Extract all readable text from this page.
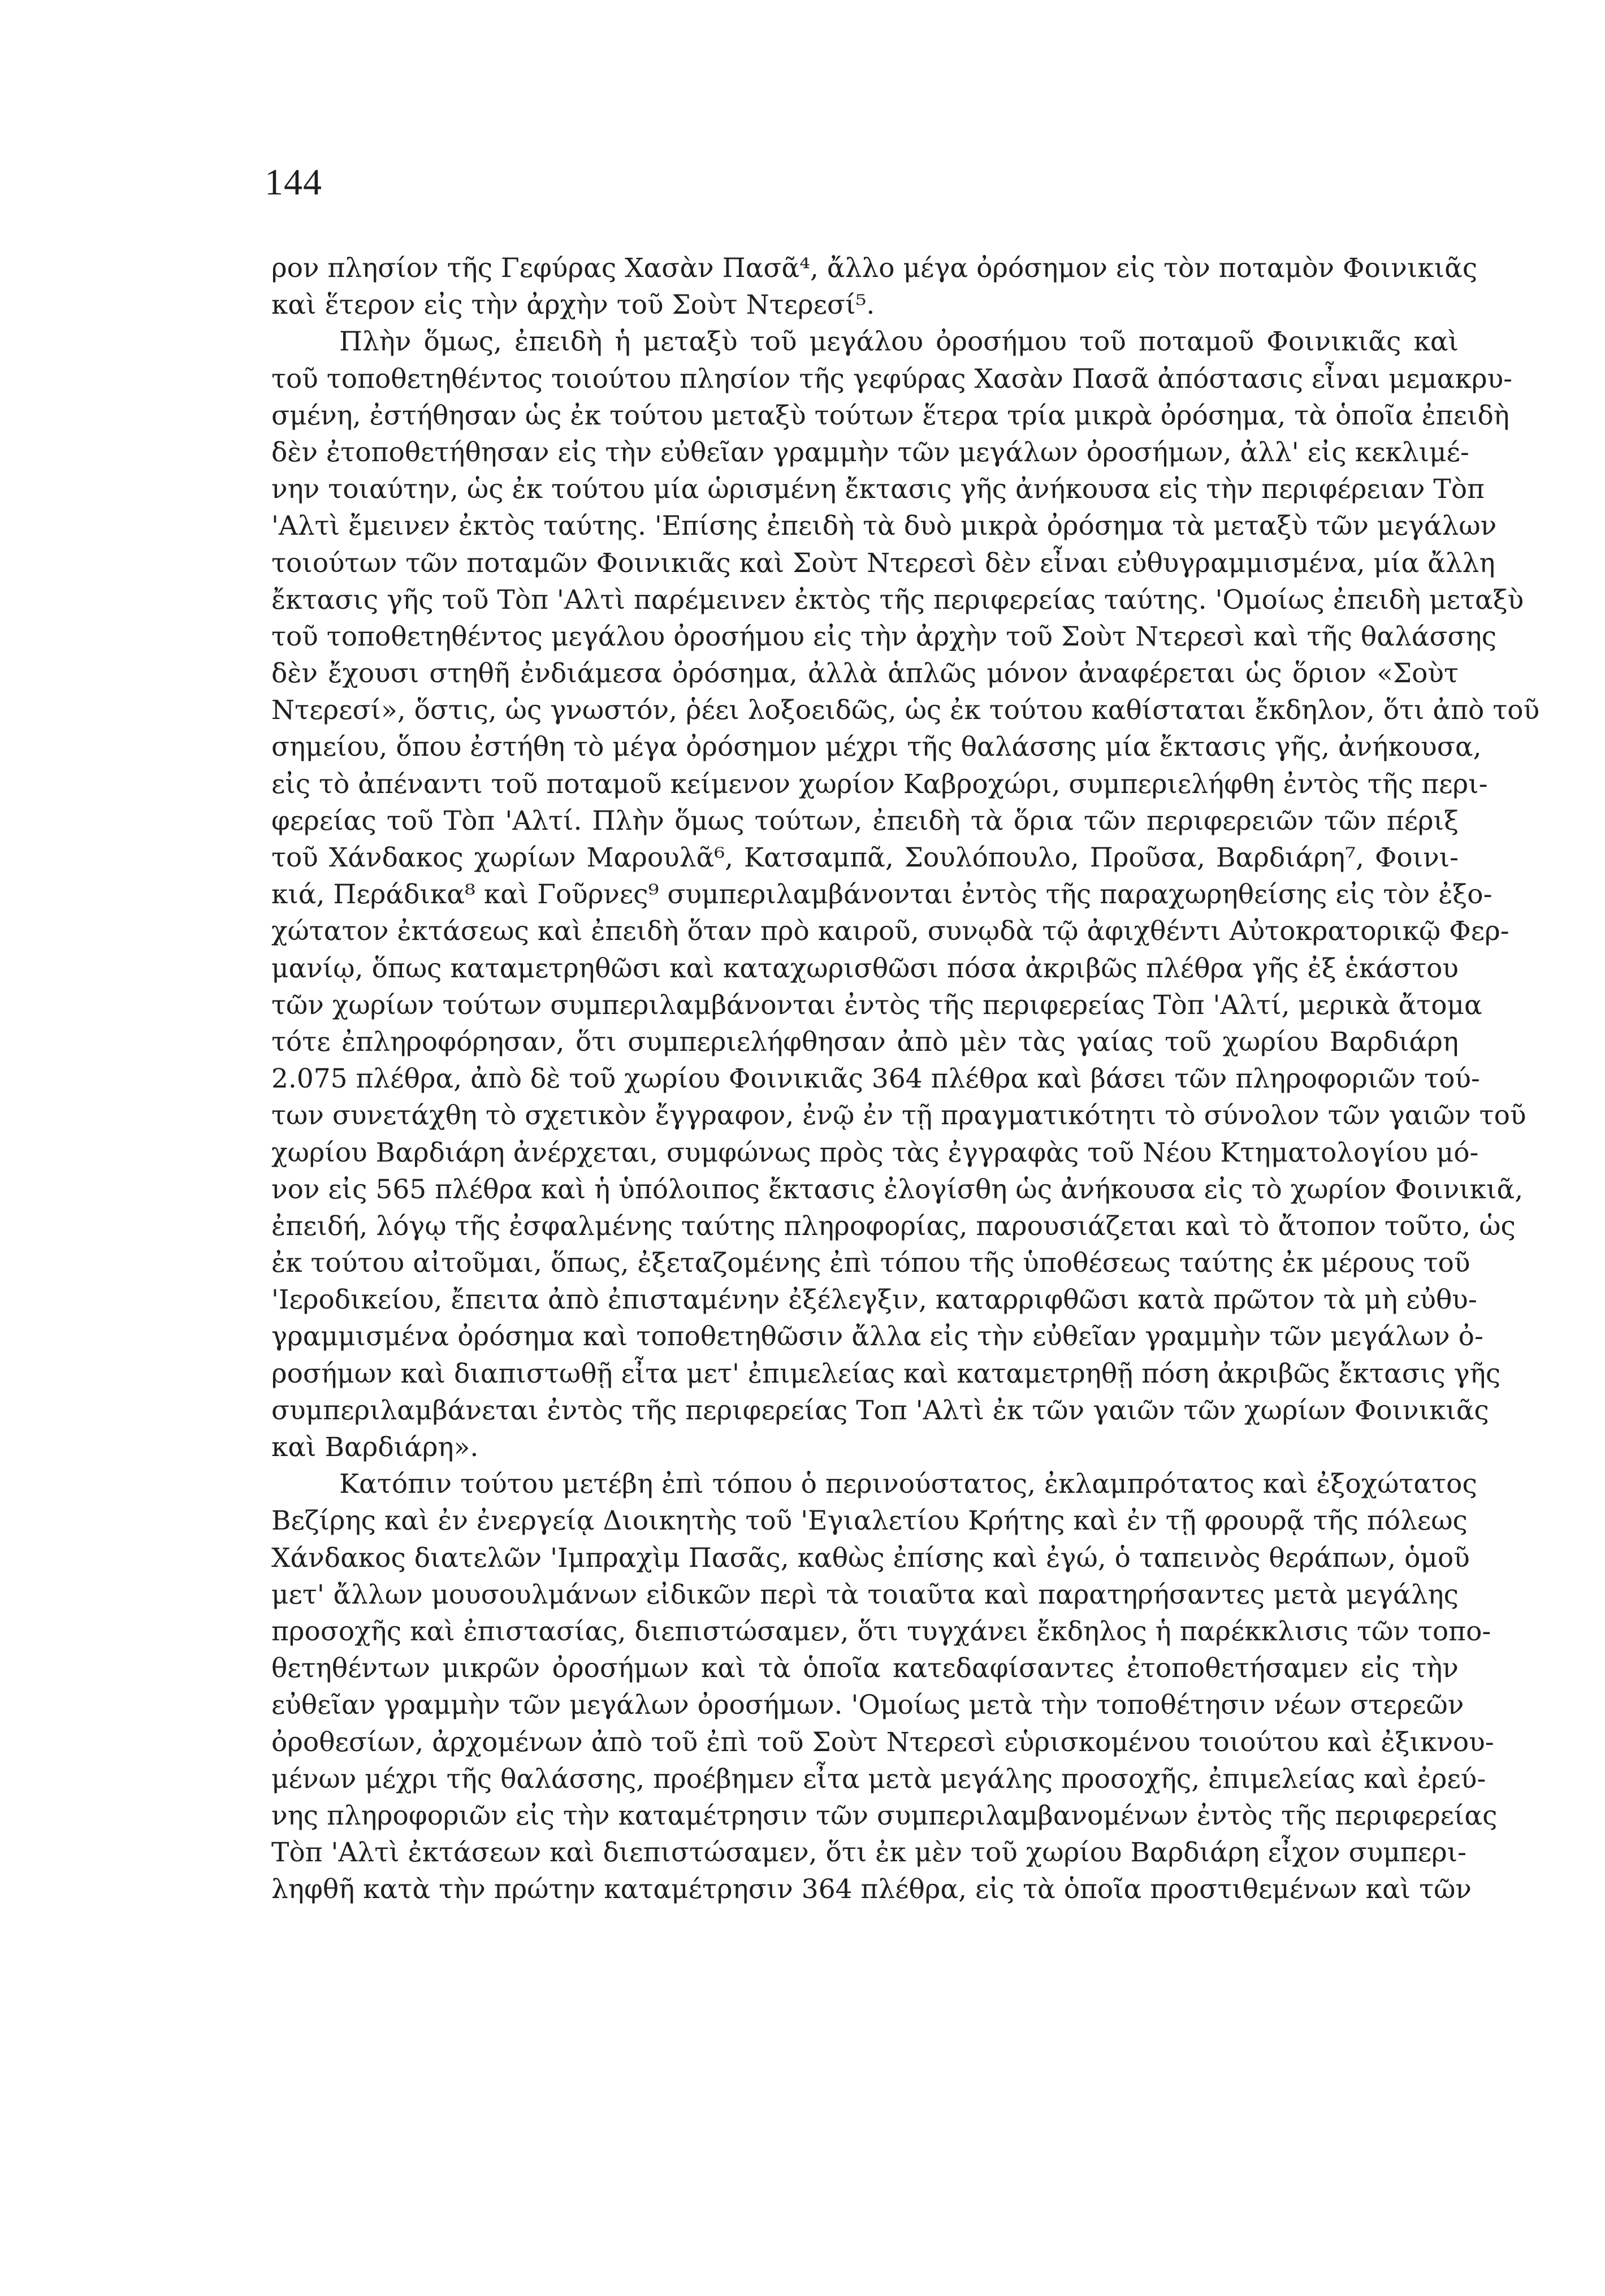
144
ρον πλησίον τῆς Γεφύρας Χασὰν Πασᾶ⁴, ἄλλο μέγα ὀρόσημον εἰς τὸν ποταμὸν Φοινικιᾶς
καὶ ἕτερον εἰς τὴν ἀρχὴν τοῦ Σοὺτ Ντερεσί⁵.
Πλὴν ὅμως, ἐπειδὴ ἡ μεταξὺ τοῦ μεγάλου ὀροσήμου τοῦ ποταμοῦ Φοινικιᾶς καὶ
τοῦ τοποθετηθέντος τοιούτου πλησίον τῆς γεφύρας Χασὰν Πασᾶ ἀπόστασις εἶναι μεμακρυ-
σμένη, ἐστήθησαν ὡς ἐκ τούτου μεταξὺ τούτων ἕτερα τρία μικρὰ ὀρόσημα, τὰ ὁποῖα ἐπειδὴ
δὲν ἐτοποθετήθησαν εἰς τὴν εὐθεῖαν γραμμὴν τῶν μεγάλων ὀροσήμων, ἀλλ' εἰς κεκλιμέ-
νην τοιαύτην, ὡς ἐκ τούτου μία ὡρισμένη ἔκτασις γῆς ἀνήκουσα εἰς τὴν περιφέρειαν Τὸπ
'Αλτὶ ἔμεινεν ἐκτὸς ταύτης. 'Επίσης ἐπειδὴ τὰ δυὸ μικρὰ ὀρόσημα τὰ μεταξὺ τῶν μεγάλων
τοιούτων τῶν ποταμῶν Φοινικιᾶς καὶ Σοὺτ Ντερεσὶ δὲν εἶναι εὐθυγραμμισμένα, μία ἄλλη
ἔκτασις γῆς τοῦ Τὸπ 'Αλτὶ παρέμεινεν ἐκτὸς τῆς περιφερείας ταύτης. 'Ομοίως ἐπειδὴ μεταξὺ
τοῦ τοποθετηθέντος μεγάλου ὀροσήμου εἰς τὴν ἀρχὴν τοῦ Σοὺτ Ντερεσὶ καὶ τῆς θαλάσσης
δὲν ἔχουσι στηθῆ ἐνδιάμεσα ὀρόσημα, ἀλλὰ ἁπλῶς μόνον ἀναφέρεται ὡς ὅριον «Σοὺτ
Ντερεσί», ὅστις, ὡς γνωστόν, ῥέει λοξοειδῶς, ὡς ἐκ τούτου καθίσταται ἔκδηλον, ὅτι ἀπὸ τοῦ
σημείου, ὅπου ἐστήθη τὸ μέγα ὀρόσημον μέχρι τῆς θαλάσσης μία ἔκτασις γῆς, ἀνήκουσα,
εἰς τὸ ἀπέναντι τοῦ ποταμοῦ κείμενον χωρίον Καβροχώρι, συμπεριελήφθη ἐντὸς τῆς περι-
φερείας τοῦ Τὸπ 'Αλτί. Πλὴν ὅμως τούτων, ἐπειδὴ τὰ ὅρια τῶν περιφερειῶν τῶν πέριξ
τοῦ Χάνδακος χωρίων Μαρουλᾶ⁶, Κατσαμπᾶ, Σουλόπουλο, Προῦσα, Βαρδιάρη⁷, Φοινι-
κιά, Περάδικα⁸ καὶ Γοῦρνες⁹ συμπεριλαμβάνονται ἐντὸς τῆς παραχωρηθείσης εἰς τὸν ἐξο-
χώτατον ἐκτάσεως καὶ ἐπειδὴ ὅταν πρὸ καιροῦ, συνῳδὰ τῷ ἀφιχθέντι Αὐτοκρατορικῷ Φερ-
μανίῳ, ὅπως καταμετρηθῶσι καὶ καταχωρισθῶσι πόσα ἀκριβῶς πλέθρα γῆς ἐξ ἑκάστου
τῶν χωρίων τούτων συμπεριλαμβάνονται ἐντὸς τῆς περιφερείας Τὸπ 'Αλτί, μερικὰ ἄτομα
τότε ἐπληροφόρησαν, ὅτι συμπεριελήφθησαν ἀπὸ μὲν τὰς γαίας τοῦ χωρίου Βαρδιάρη
2.075 πλέθρα, ἀπὸ δὲ τοῦ χωρίου Φοινικιᾶς 364 πλέθρα καὶ βάσει τῶν πληροφοριῶν τού-
των συνετάχθη τὸ σχετικὸν ἔγγραφον, ἐνῷ ἐν τῇ πραγματικότητι τὸ σύνολον τῶν γαιῶν τοῦ
χωρίου Βαρδιάρη ἀνέρχεται, συμφώνως πρὸς τὰς ἐγγραφὰς τοῦ Νέου Κτηματολογίου μό-
νον εἰς 565 πλέθρα καὶ ἡ ὑπόλοιπος ἔκτασις ἐλογίσθη ὡς ἀνήκουσα εἰς τὸ χωρίον Φοινικιᾶ,
ἐπειδή, λόγῳ τῆς ἐσφαλμένης ταύτης πληροφορίας, παρουσιάζεται καὶ τὸ ἄτοπον τοῦτο, ὡς
ἐκ τούτου αἰτοῦμαι, ὅπως, ἐξεταζομένης ἐπὶ τόπου τῆς ὑποθέσεως ταύτης ἐκ μέρους τοῦ
'Ιεροδικείου, ἔπειτα ἀπὸ ἐπισταμένην ἐξέλεγξιν, καταρριφθῶσι κατὰ πρῶτον τὰ μὴ εὐθυ-
γραμμισμένα ὀρόσημα καὶ τοποθετηθῶσιν ἄλλα εἰς τὴν εὐθεῖαν γραμμὴν τῶν μεγάλων ὀ-
ροσήμων καὶ διαπιστωθῇ εἶτα μετ' ἐπιμελείας καὶ καταμετρηθῇ πόση ἀκριβῶς ἔκτασις γῆς
συμπεριλαμβάνεται ἐντὸς τῆς περιφερείας Τοπ 'Αλτὶ ἐκ τῶν γαιῶν τῶν χωρίων Φοινικιᾶς
καὶ Βαρδιάρη».
Κατόπιν τούτου μετέβη ἐπὶ τόπου ὁ περινούστατος, ἐκλαμπρότατος καὶ ἐξοχώτατος
Βεζίρης καὶ ἐν ἐνεργείᾳ Διοικητὴς τοῦ 'Εγιαλετίου Κρήτης καὶ ἐν τῇ φρουρᾷ τῆς πόλεως
Χάνδακος διατελῶν 'Ιμπραχὶμ Πασᾶς, καθὼς ἐπίσης καὶ ἐγώ, ὁ ταπεινὸς θεράπων, ὁμοῦ
μετ' ἄλλων μουσουλμάνων εἰδικῶν περὶ τὰ τοιαῦτα καὶ παρατηρήσαντες μετὰ μεγάλης
προσοχῆς καὶ ἐπιστασίας, διεπιστώσαμεν, ὅτι τυγχάνει ἔκδηλος ἡ παρέκκλισις τῶν τοπο-
θετηθέντων μικρῶν ὀροσήμων καὶ τὰ ὁποῖα κατεδαφίσαντες ἐτοποθετήσαμεν εἰς τὴν
εὐθεῖαν γραμμὴν τῶν μεγάλων ὀροσήμων. 'Ομοίως μετὰ τὴν τοποθέτησιν νέων στερεῶν
ὀροθεσίων, ἀρχομένων ἀπὸ τοῦ ἐπὶ τοῦ Σοὺτ Ντερεσὶ εὑρισκομένου τοιούτου καὶ ἐξικνου-
μένων μέχρι τῆς θαλάσσης, προέβημεν εἶτα μετὰ μεγάλης προσοχῆς, ἐπιμελείας καὶ ἐρεύ-
νης πληροφοριῶν εἰς τὴν καταμέτρησιν τῶν συμπεριλαμβανομένων ἐντὸς τῆς περιφερείας
Τὸπ 'Αλτὶ ἐκτάσεων καὶ διεπιστώσαμεν, ὅτι ἐκ μὲν τοῦ χωρίου Βαρδιάρη εἶχον συμπερι-
ληφθῆ κατὰ τὴν πρώτην καταμέτρησιν 364 πλέθρα, εἰς τὰ ὁποῖα προστιθεμένων καὶ τῶν
